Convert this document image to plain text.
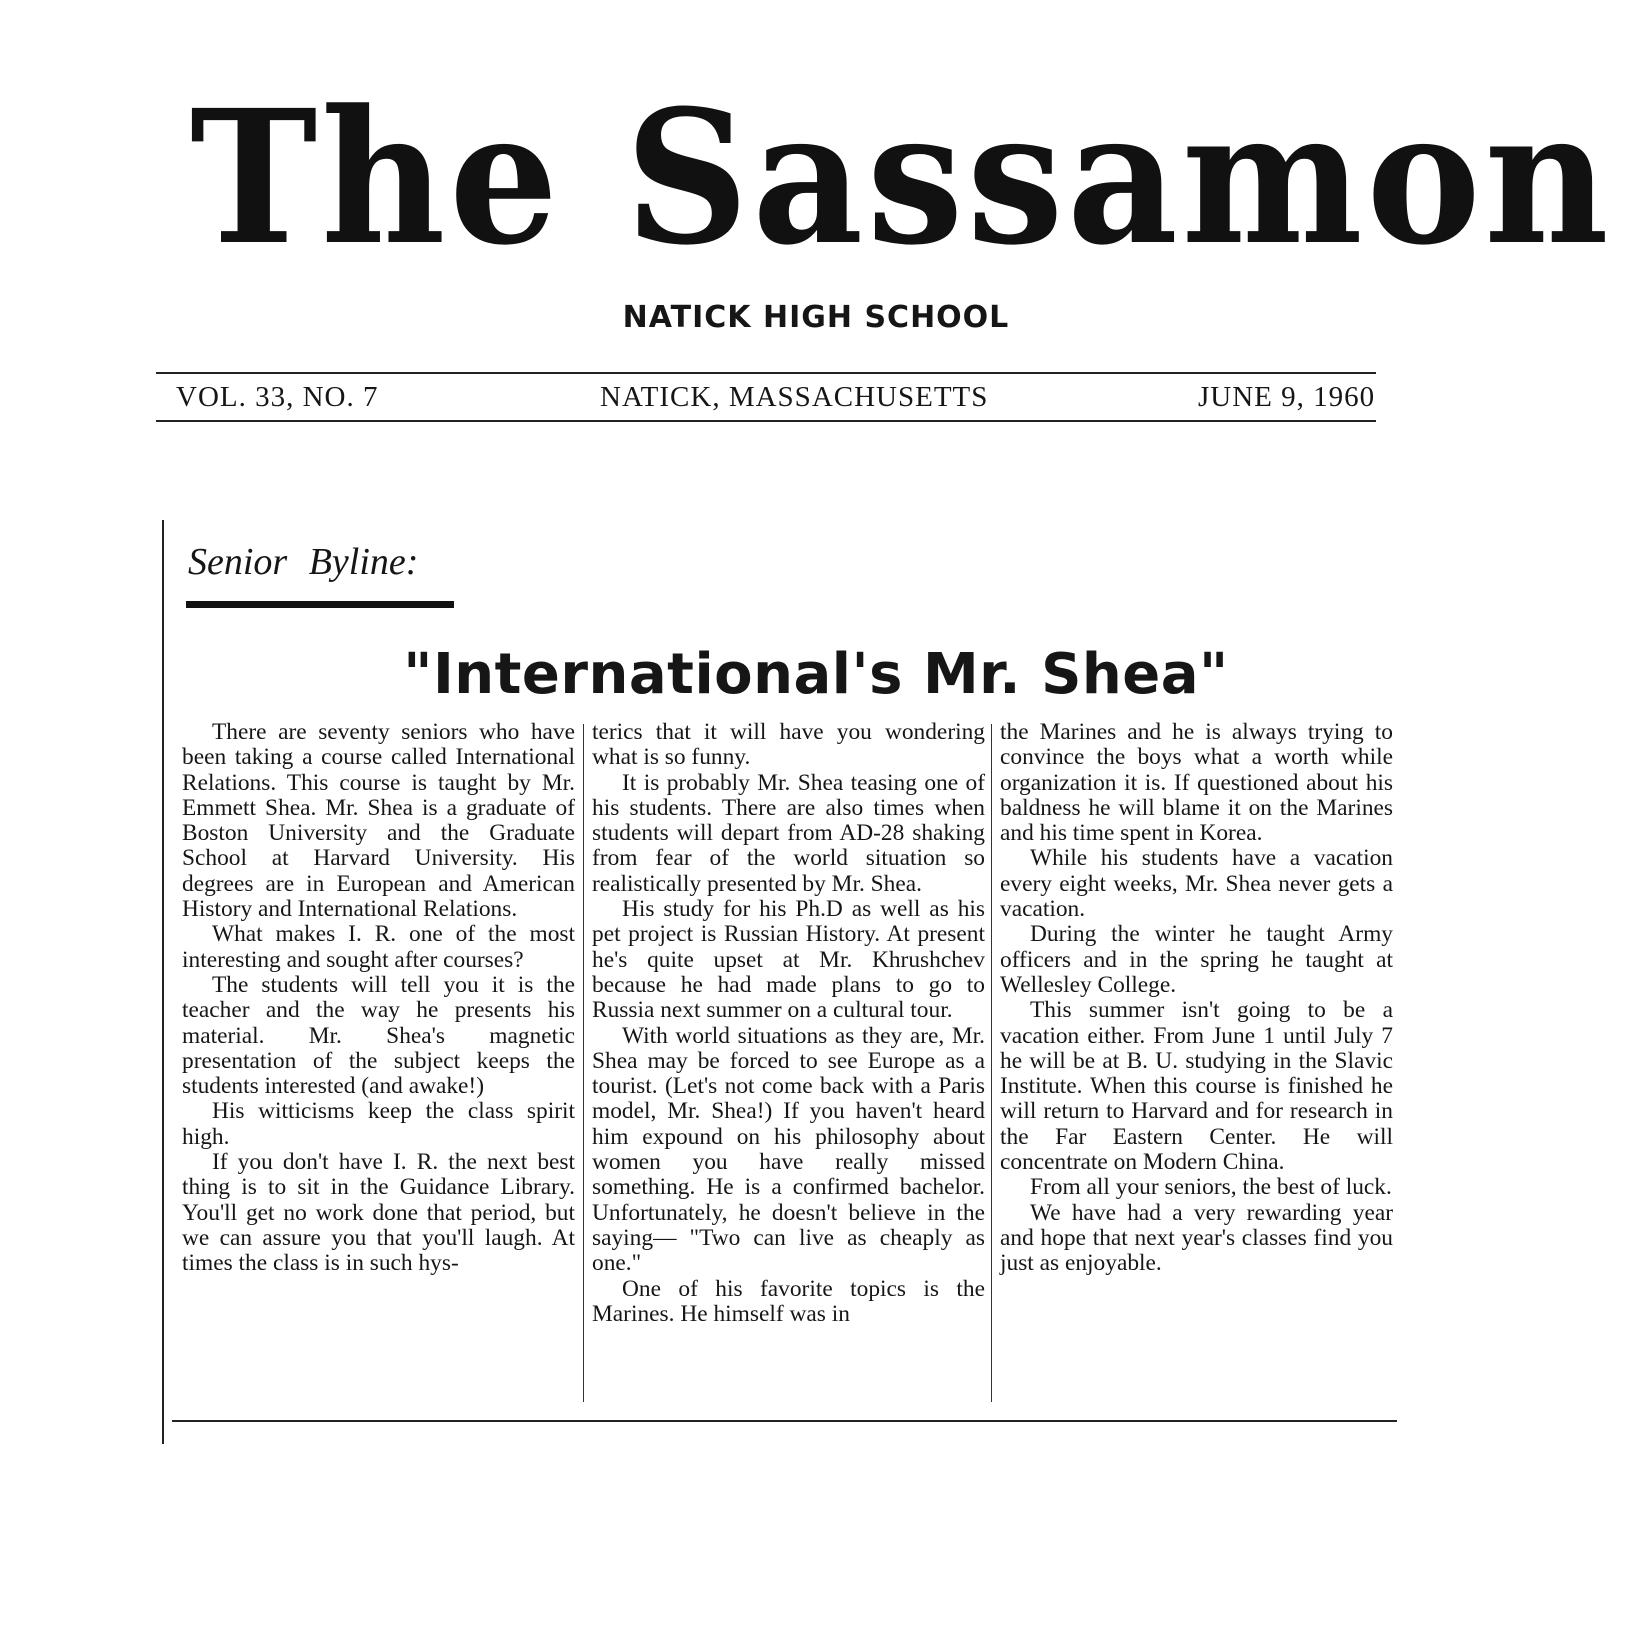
The Sassamon
NATICK HIGH SCHOOL
VOL. 33, NO. 7	NATICK, MASSACHUSETTS	JUNE 9, 1960
Senior Byline:
"International's Mr. Shea"

There are seventy seniors who have been taking a course called International Relations. This course is taught by Mr. Emmett Shea. Mr. Shea is a graduate of Boston University and the Graduate School at Harvard University. His degrees are in European and American History and International Relations.

What makes I. R. one of the most interesting and sought after courses?

The students will tell you it is the teacher and the way he presents his material. Mr. Shea's magnetic presentation of the subject keeps the students interested (and awake!)

His witticisms keep the class spirit high.

If you don't have I. R. the next best thing is to sit in the Guidance Library. You'll get no work done that period, but we can assure you that you'll laugh. At times the class is in such hys-

terics that it will have you wondering what is so funny.

It is probably Mr. Shea teasing one of his students. There are also times when students will depart from AD-28 shaking from fear of the world situation so realistically presented by Mr. Shea.

His study for his Ph.D as well as his pet project is Russian History. At present he's quite upset at Mr. Khrushchev because he had made plans to go to Russia next summer on a cultural tour.

With world situations as they are, Mr. Shea may be forced to see Europe as a tourist. (Let's not come back with a Paris model, Mr. Shea!) If you haven't heard him expound on his philosophy about women you have really missed something. He is a confirmed bachelor. Unfortunately, he doesn't believe in the saying— "Two can live as cheaply as one."

One of his favorite topics is the Marines. He himself was in

the Marines and he is always trying to convince the boys what a worth while organization it is. If questioned about his baldness he will blame it on the Marines and his time spent in Korea.

While his students have a vacation every eight weeks, Mr. Shea never gets a vacation.

During the winter he taught Army officers and in the spring he taught at Wellesley College.

This summer isn't going to be a vacation either. From June 1 until July 7 he will be at B. U. studying in the Slavic Institute. When this course is finished he will return to Harvard and for research in the Far Eastern Center. He will concentrate on Modern China.

From all your seniors, the best of luck.

We have had a very rewarding year and hope that next year's classes find you just as enjoyable.
